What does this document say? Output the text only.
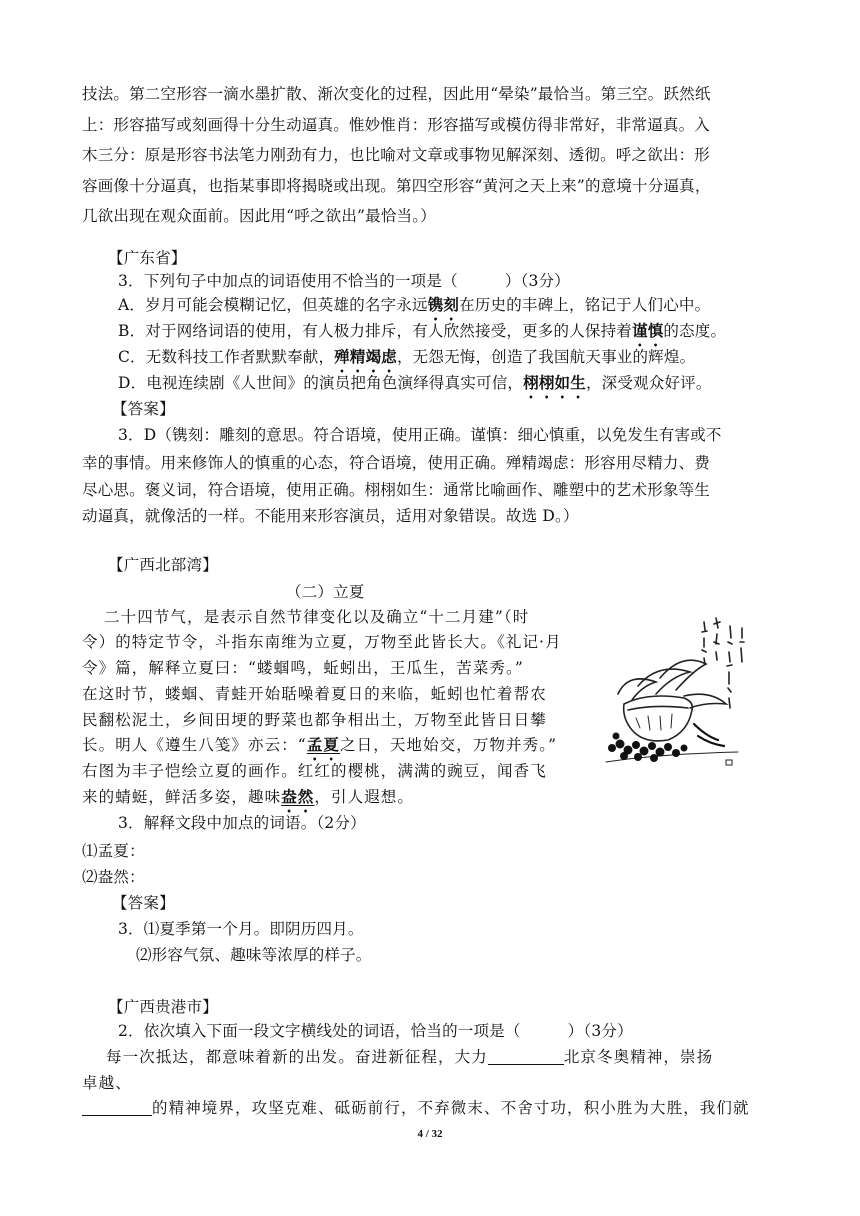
技法。第二空形容一滴水墨扩散、渐次变化的过程，因此用“晕染”最恰当。第三空。跃然纸
上：形容描写或刻画得十分生动逼真。惟妙惟肖：形容描写或模仿得非常好，非常逼真。入
木三分：原是形容书法笔力刚劲有力，也比喻对文章或事物见解深刻、透彻。呼之欲出：形
容画像十分逼真，也指某事即将揭晓或出现。第四空形容“黄河之天上来”的意境十分逼真，
几欲出现在观众面前。因此用“呼之欲出”最恰当。）
【广东省】
3．下列句子中加点的词语使用不恰当的一项是（　　　）（3分）
A．岁月可能会模糊记忆，但英雄的名字永远镌刻在历史的丰碑上，铭记于人们心中。
B．对于网络词语的使用，有人极力排斥，有人欣然接受，更多的人保持着谨慎的态度。
C．无数科技工作者默默奉献，殚精竭虑，无怨无悔，创造了我国航天事业的辉煌。
D．电视连续剧《人世间》的演员把角色演绎得真实可信，栩栩如生，深受观众好评。
【答案】
3．D（镌刻：雕刻的意思。符合语境，使用正确。谨慎：细心慎重，以免发生有害或不
幸的事情。用来修饰人的慎重的心态，符合语境，使用正确。殚精竭虑：形容用尽精力、费
尽心思。褒义词，符合语境，使用正确。栩栩如生：通常比喻画作、雕塑中的艺术形象等生
动逼真，就像活的一样。不能用来形容演员，适用对象错误。故选 D。）
【广西北部湾】
（二）立夏
二十四节气，是表示自然节律变化以及确立“十二月建”（时
令）的特定节令，斗指东南维为立夏，万物至此皆长大。《礼记·月
令》篇，解释立夏曰：“蝼蝈鸣，蚯蚓出，王瓜生，苦菜秀。”
在这时节，蝼蝈、青蛙开始聒噪着夏日的来临，蚯蚓也忙着帮农
民翻松泥土，乡间田埂的野菜也都争相出土，万物至此皆日日攀
长。明人《遵生八笺》亦云：“孟夏之日，天地始交，万物并秀。”
右图为丰子恺绘立夏的画作。红红的樱桃，满满的豌豆，闻香飞
来的蜻蜓，鲜活多姿，趣味盎然，引人遐想。
3．解释文段中加点的词语。（2分）
⑴孟夏：
⑵盎然：
【答案】
3．⑴夏季第一个月。即阴历四月。
⑵形容气氛、趣味等浓厚的样子。
【广西贵港市】
2．依次填入下面一段文字横线处的词语，恰当的一项是（　　　）（3分）
每一次抵达，都意味着新的出发。奋进新征程，大力	北京冬奥精神，崇扬
卓越、
的精神境界，攻坚克难、砥砺前行，不弃微末、不舍寸功，积小胜为大胜，我们就
4 / 32
